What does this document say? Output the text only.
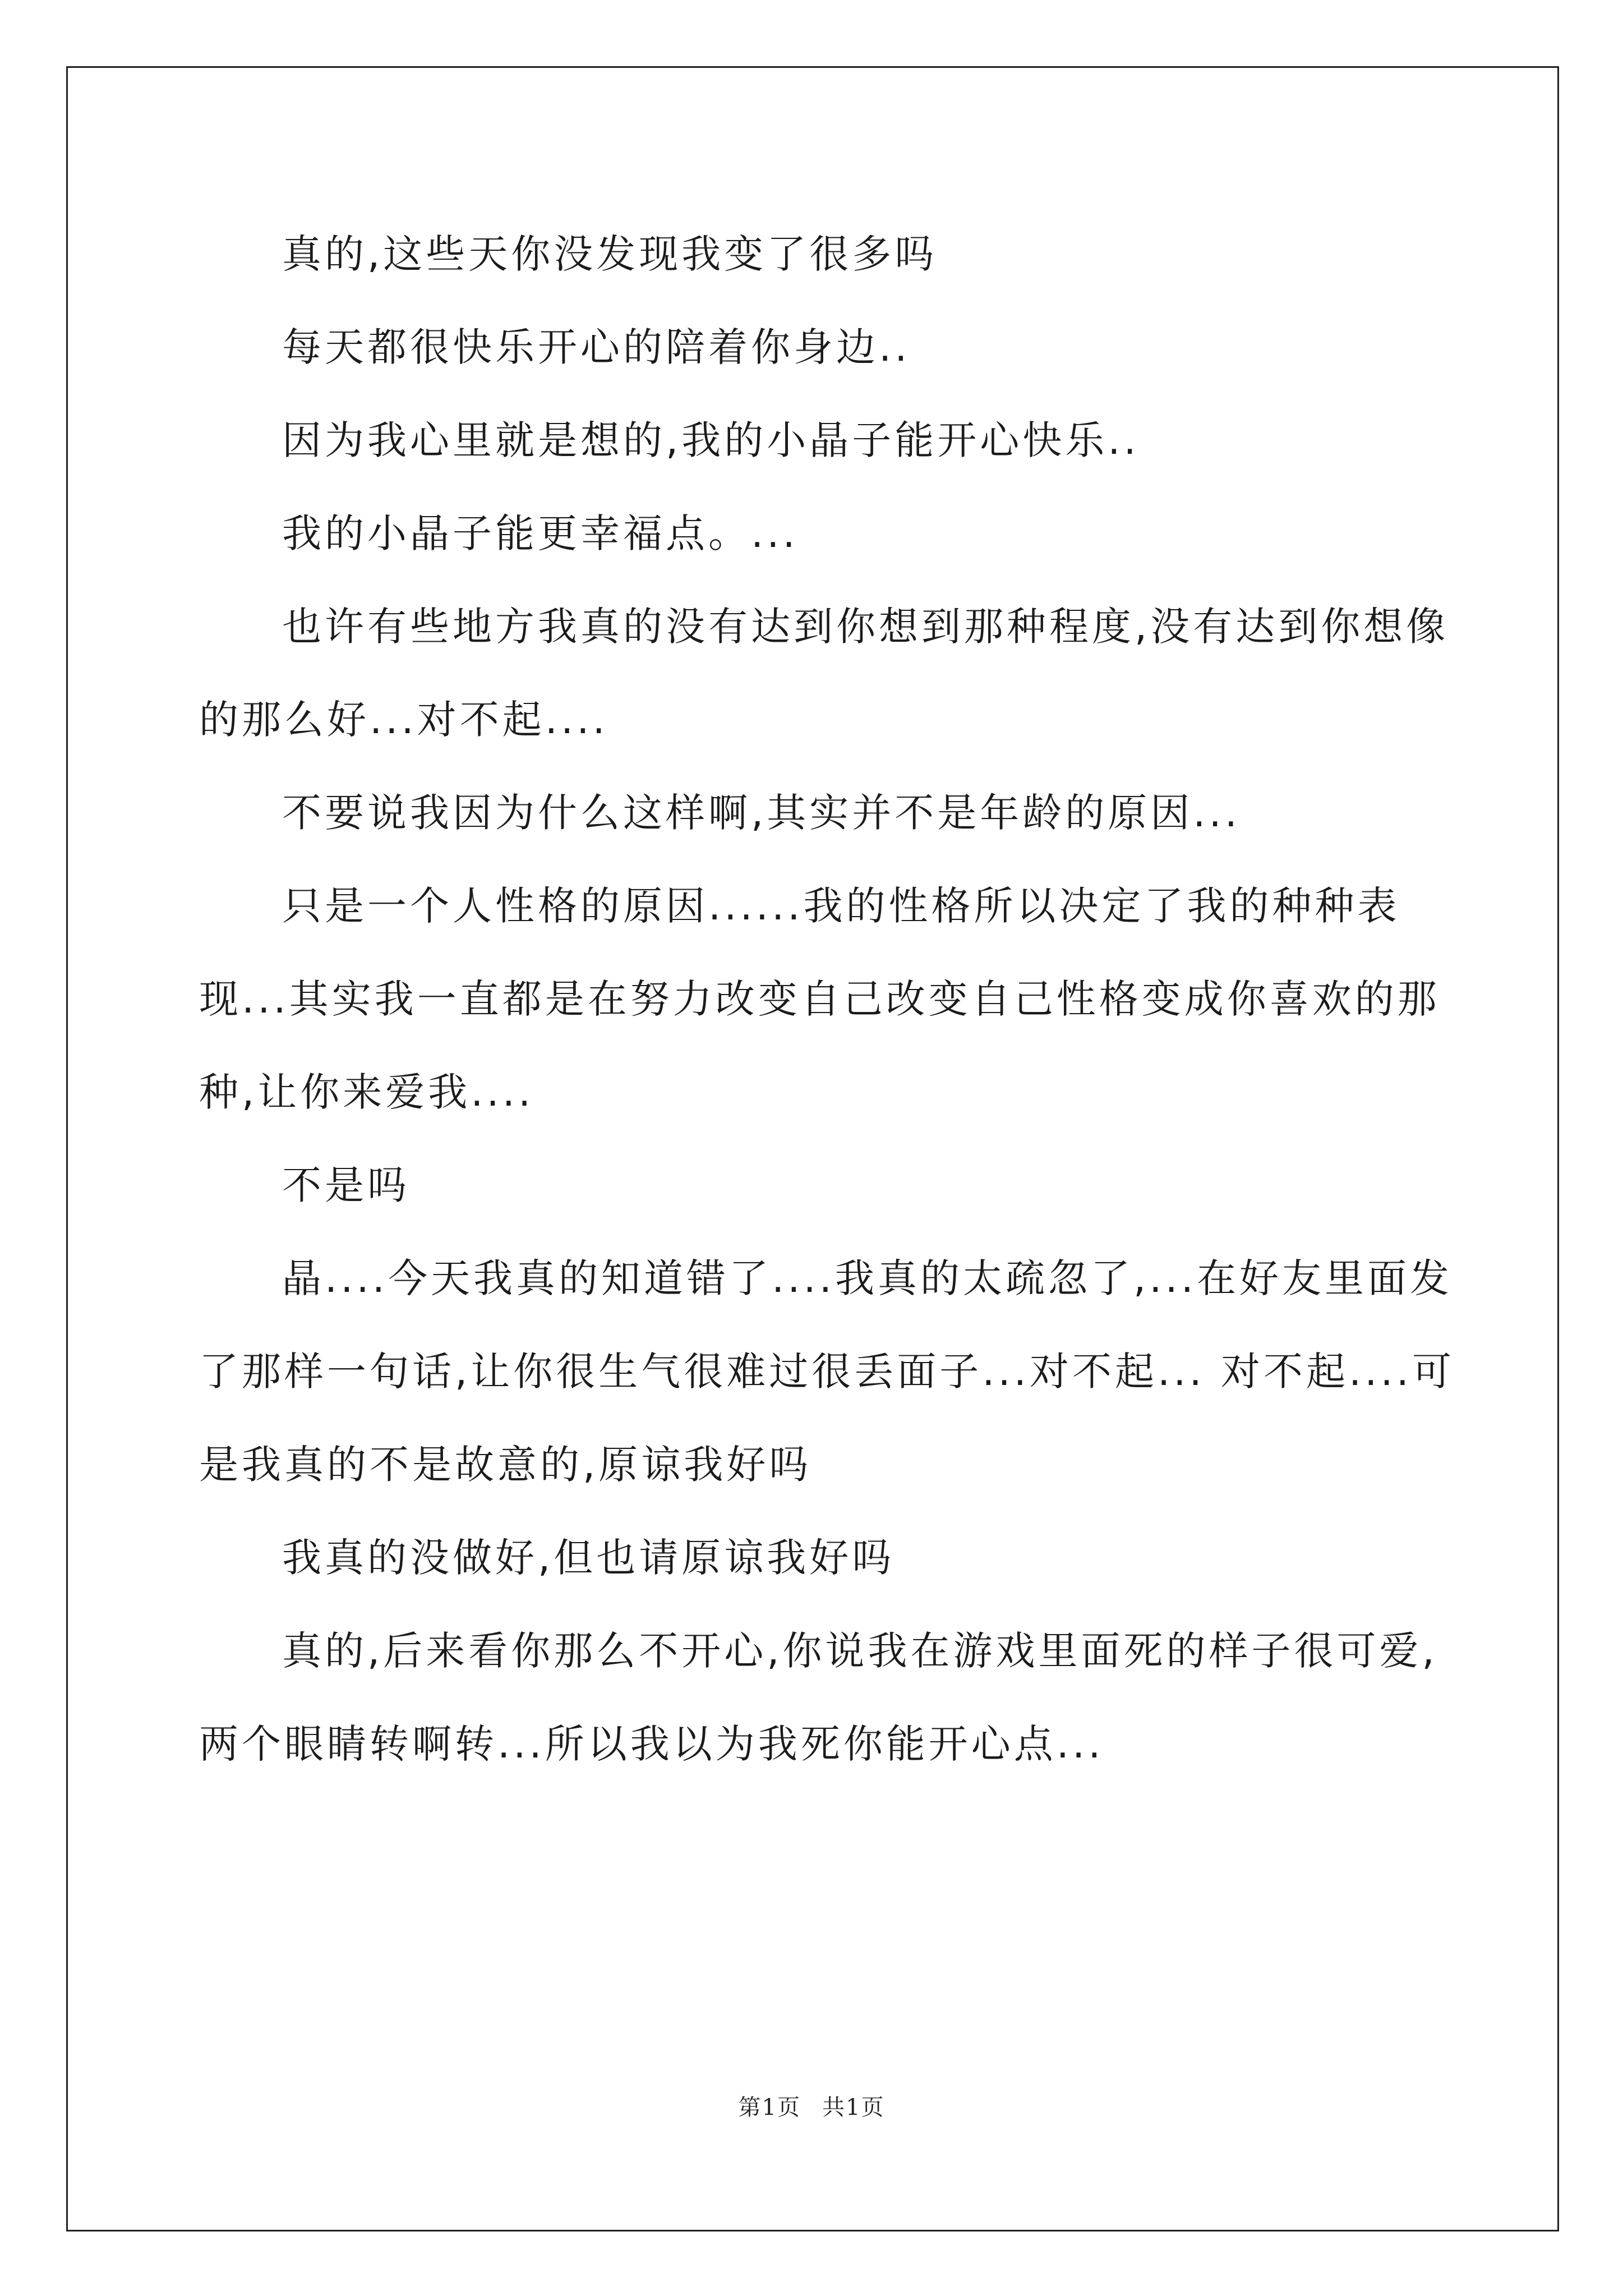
真的,这些天你没发现我变了很多吗

每天都很快乐开心的陪着你身边..

因为我心里就是想的,我的小晶子能开心快乐..

我的小晶子能更幸福点。...

也许有些地方我真的没有达到你想到那种程度,没有达到你想像的那么好...对不起....

不要说我因为什么这样啊,其实并不是年龄的原因...

只是一个人性格的原因......我的性格所以决定了我的种种表现...其实我一直都是在努力改变自己改变自己性格变成你喜欢的那种,让你来爱我....

不是吗

晶....今天我真的知道错了....我真的太疏忽了,...在好友里面发了那样一句话,让你很生气很难过很丢面子...对不起... 对不起....可是我真的不是故意的,原谅我好吗

我真的没做好,但也请原谅我好吗

真的,后来看你那么不开心,你说我在游戏里面死的样子很可爱,两个眼睛转啊转...所以我以为我死你能开心点...

第1页 共1页
